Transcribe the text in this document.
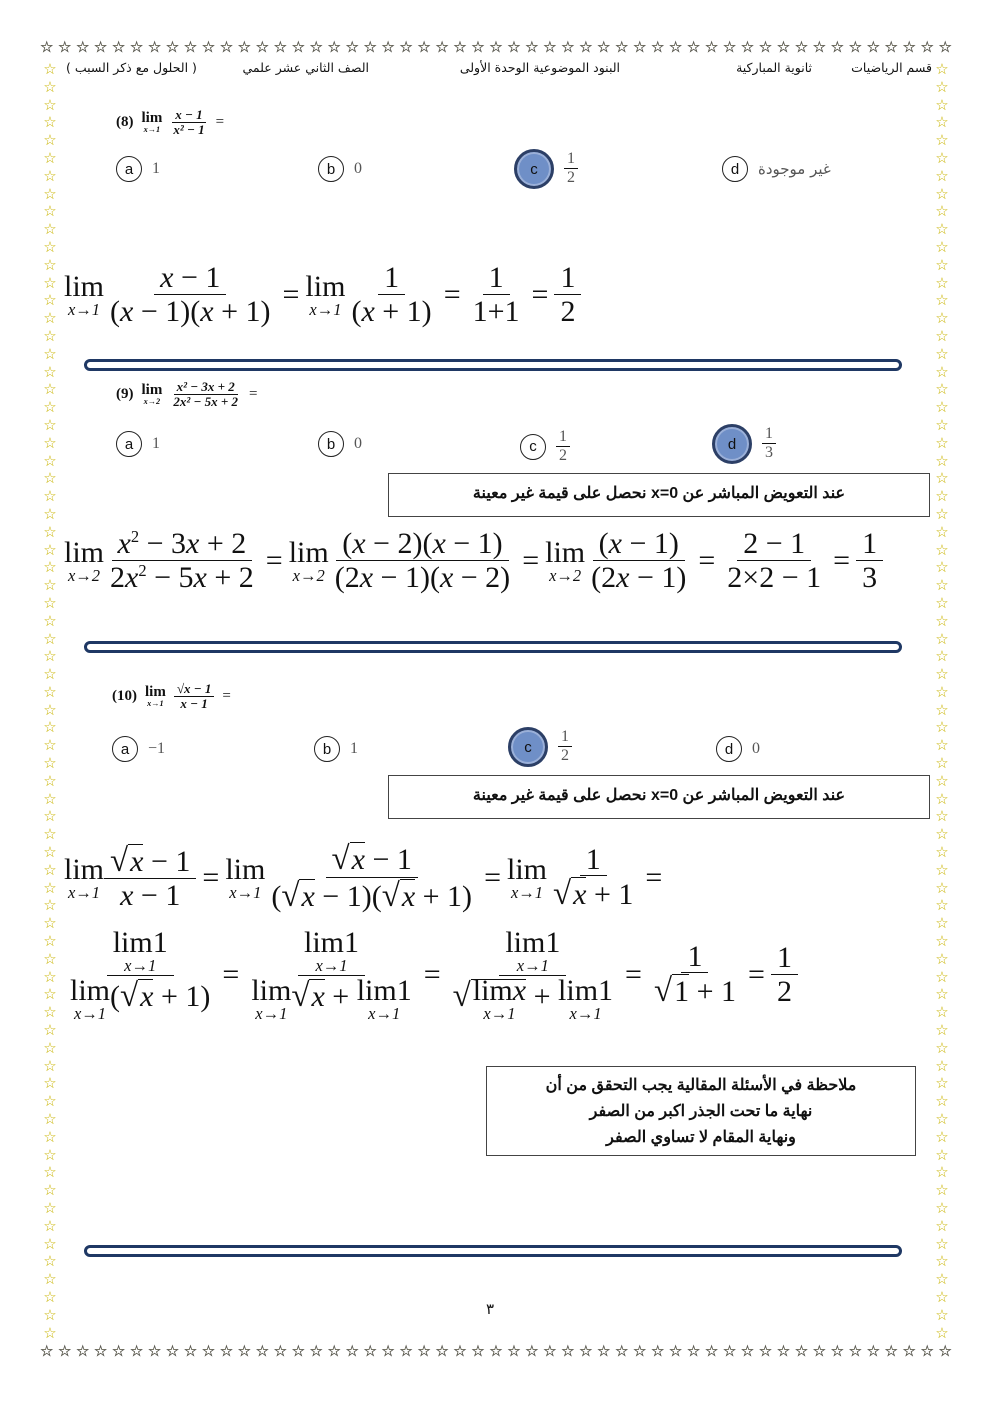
☆ ☆ ☆ ☆ ☆ ☆ ☆ ☆ ☆ ☆ ☆ ☆ ☆ ☆ ☆ ☆ ☆ ☆ ☆ ☆ ☆ ☆ ☆ ☆ ☆ ☆ ☆ ☆ ☆ ☆ ☆ ☆ ☆ ☆ ☆ ☆ ☆ ☆ ☆ ☆ ☆ ☆ ☆ ☆ ☆ ☆ ☆ ☆ ☆ ☆ ☆
☆ ☆ ☆ ☆ ☆ ☆ ☆ ☆ ☆ ☆ ☆ ☆ ☆ ☆ ☆ ☆ ☆ ☆ ☆ ☆ ☆ ☆ ☆ ☆ ☆ ☆ ☆ ☆ ☆ ☆ ☆ ☆ ☆ ☆ ☆ ☆ ☆ ☆ ☆ ☆ ☆ ☆ ☆ ☆ ☆ ☆ ☆ ☆ ☆ ☆ ☆
☆
☆
☆
☆
☆
☆
☆
☆
☆
☆
☆
☆
☆
☆
☆
☆
☆
☆
☆
☆
☆
☆
☆
☆
☆
☆
☆
☆
☆
☆
☆
☆
☆
☆
☆
☆
☆
☆
☆
☆
☆
☆
☆
☆
☆
☆
☆
☆
☆
☆
☆
☆
☆
☆
☆
☆
☆
☆
☆
☆
☆
☆
☆
☆
☆
☆
☆
☆
☆
☆
☆
☆
☆
☆
☆
☆
☆
☆
☆
☆
☆
☆
☆
☆
☆
☆
☆
☆
☆
☆
☆
☆
☆
☆
☆
☆
☆
☆
☆
☆
☆
☆
☆
☆
☆
☆
☆
☆
☆
☆
☆
☆
☆
☆
☆
☆
☆
☆
☆
☆
☆
☆
☆
☆
☆
☆
☆
☆
☆
☆
☆
☆
☆
☆
☆
☆
☆
☆
☆
☆
☆
☆
☆
☆
قسم الرياضيات
ثانوية المباركية
البنود الموضوعية الوحدة الأولى
الصف الثاني عشر علمي
( الحلول مع ذكر السبب )
(8) lim
$x\to 1 \frac{x - 1}{\text{x² − 1}}$ =
a	1	b	0	c	$\frac{1}{2}$	d	غير موجودة
lim
$x\to 1 \frac{x - 1}{(x - 1)(x + 1)} = \lim$
$x\to 1 \frac{1}{(x + 1)} = \frac{1}{1+1} = \frac{1}{2}$
(9) lim
$x\to 2 \frac{\text{x² − 3x + 2}}{\text{2x² − 5x + 2}}$ =
a	1	b	0	c	$\frac{1}{2}$	d	$\frac{1}{3}$
عند التعويض المباشر عن x=0 نحصل على قيمة غير معينة
lim
$x\to 2 \frac{x^2 - 3x + 2}{2x^2 - 5x + 2} = \lim$
$x\to 2 \frac{(x - 2)(x - 1)}{(2x - 1)(x - 2)} = \lim$
$x\to 2 \frac{(x - 1)}{(2x - 1)} = \frac{2 - 1}{2\times 2 - 1} = \frac{1}{3}$
(10) lim
$x\to 1 \frac{√x - 1}{x - 1}$ =
a	−1	b	1	c	$\frac{1}{2}$	d	0
عند التعويض المباشر عن x=0 نحصل على قيمة غير معينة
lim
$x\to 1 \frac{√x - 1}{x - 1} = \lim$
$x\to 1 \frac{√x - 1}{(√x - 1)(√x + 1)} = \lim$
$x\to 1 \frac{1}{√x + 1}$ =
lim1
x→1
lim
x→1
(√x + 1) = lim1
x→1
lim
x→1 √x + lim1
x→1 = lim1
x→1
√ limx
x→1
+ lim1
$x\to 1 = \frac{1}{√1 + 1} = \frac{1}{2}$
ملاحظة في الأسئلة المقالية يجب التحقق من أن
نهاية ما تحت الجذر اكبر من الصفر
ونهاية المقام لا تساوي الصفر
٣
